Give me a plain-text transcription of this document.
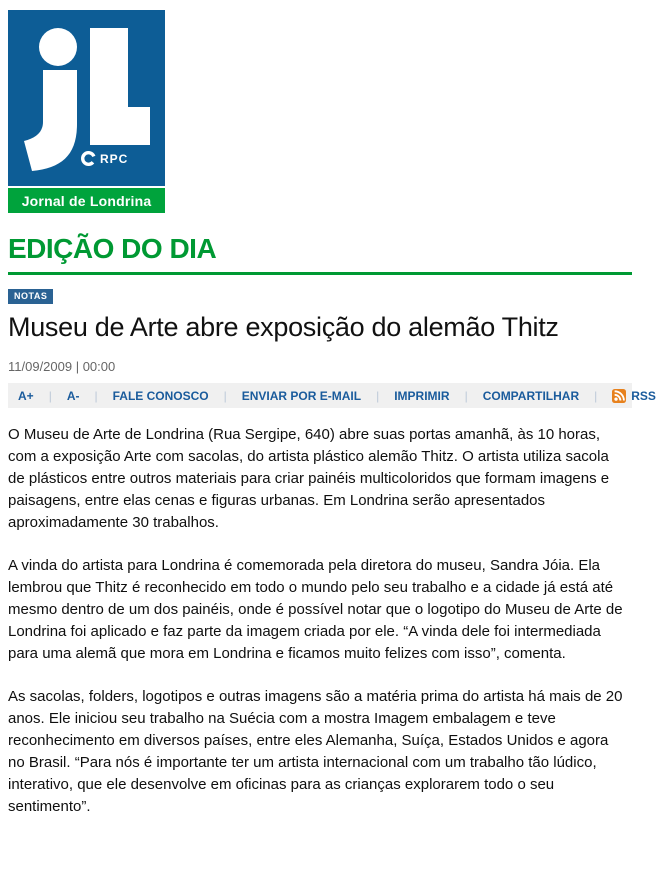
RPC
Jornal de Londrina
EDIÇÃO DO DIA
NOTAS
Museu de Arte abre exposição do alemão Thitz
11/09/2009 | 00:00
A+ | A- | FALE CONOSCO | ENVIAR POR E-MAIL | IMPRIMIR | COMPARTILHAR |	RSS

O Museu de Arte de Londrina (Rua Sergipe, 640) abre suas portas amanhã, às 10 horas, com a exposição Arte com sacolas, do artista plástico alemão Thitz. O artista utiliza sacola de plásticos entre outros materiais para criar painéis multicoloridos que formam imagens e paisagens, entre elas cenas e figuras urbanas. Em Londrina serão apresentados aproximadamente 30 trabalhos.

A vinda do artista para Londrina é comemorada pela diretora do museu, Sandra Jóia. Ela lembrou que Thitz é reconhecido em todo o mundo pelo seu trabalho e a cidade já está até mesmo dentro de um dos painéis, onde é possível notar que o logotipo do Museu de Arte de Londrina foi aplicado e faz parte da imagem criada por ele. “A vinda dele foi intermediada para uma alemã que mora em Londrina e ficamos muito felizes com isso”, comenta.

As sacolas, folders, logotipos e outras imagens são a matéria prima do artista há mais de 20 anos. Ele iniciou seu trabalho na Suécia com a mostra Imagem embalagem e teve reconhecimento em diversos países, entre eles Alemanha, Suíça, Estados Unidos e agora no Brasil. “Para nós é importante ter um artista internacional com um trabalho tão lúdico, interativo, que ele desenvolve em oficinas para as crianças explorarem todo o seu sentimento”.
